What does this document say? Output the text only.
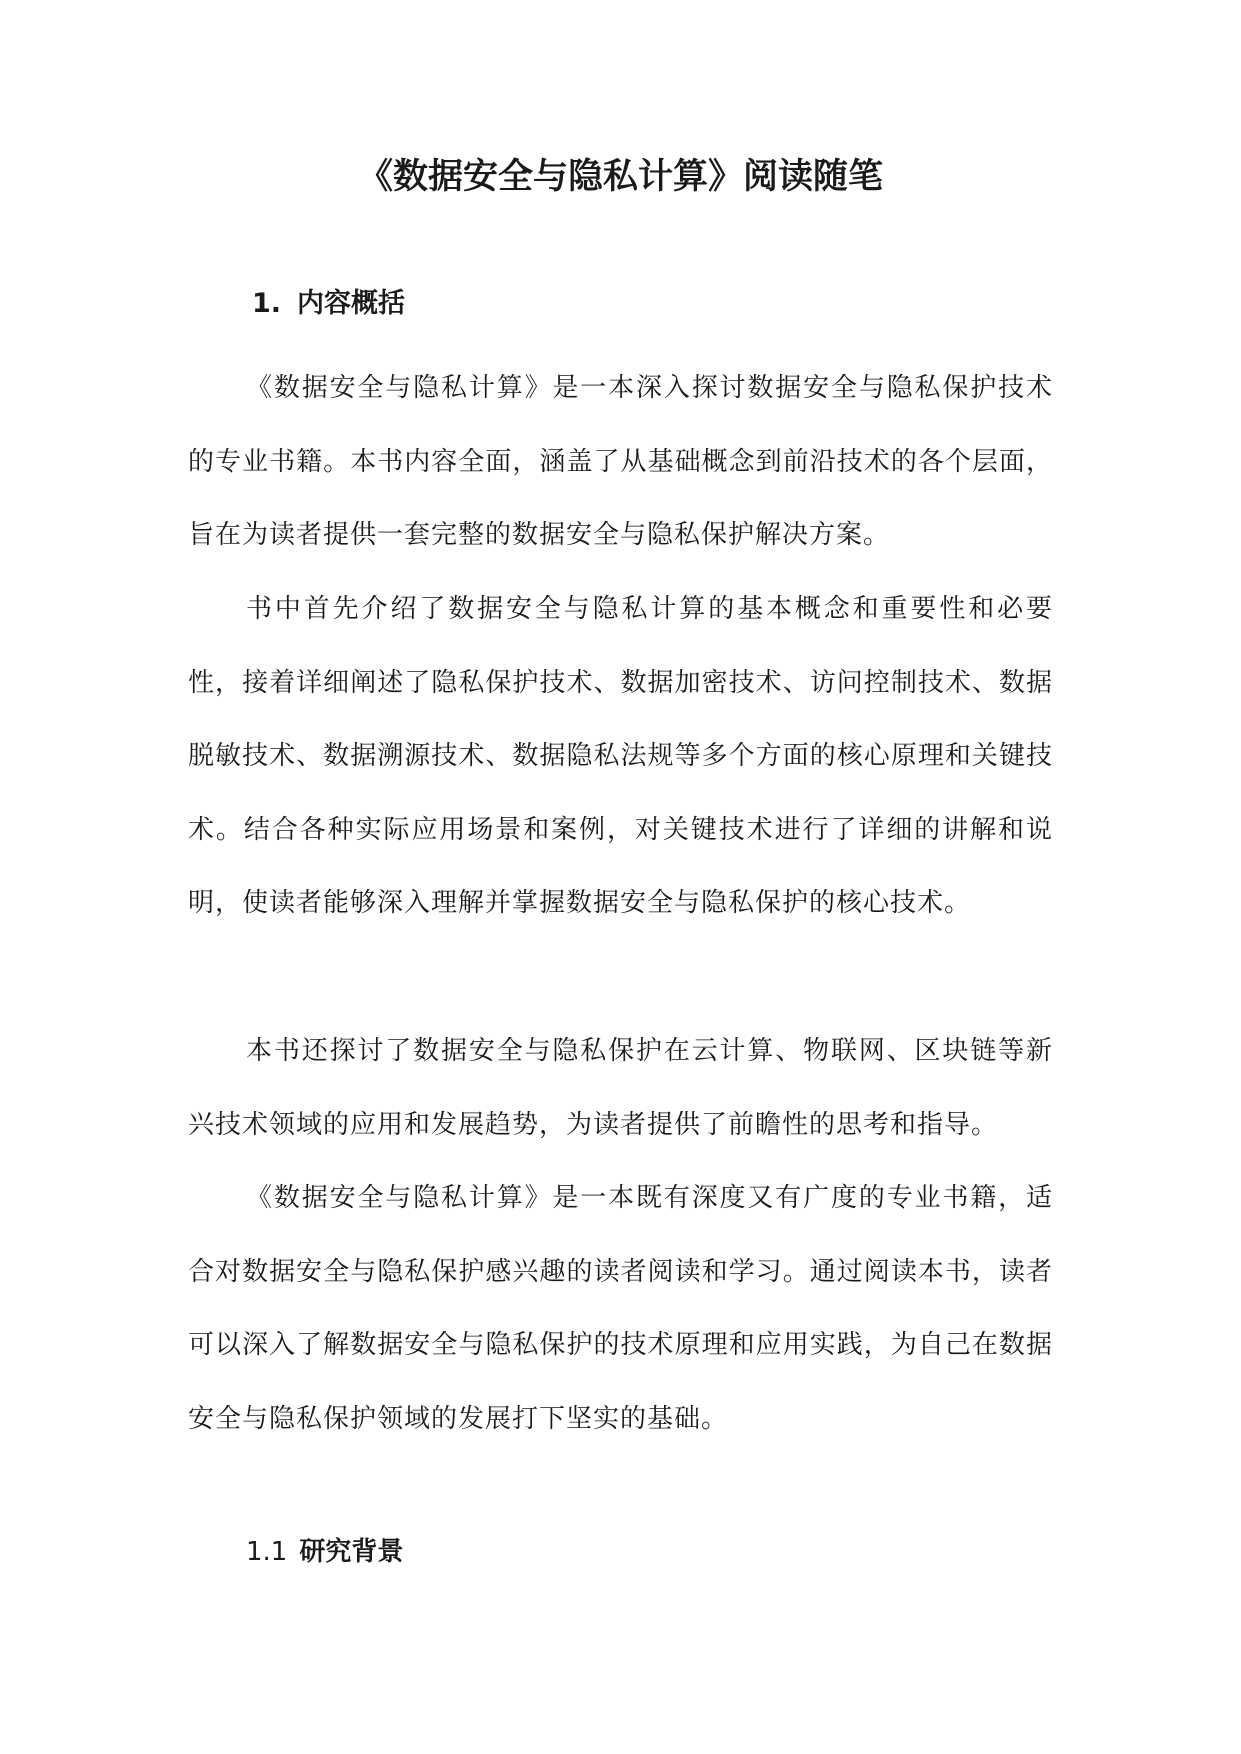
《数据安全与隐私计算》阅读随笔
1. 内容概括

《数据安全与隐私计算》是一本深入探讨数据安全与隐私保护技术的专业书籍。本书内容全面，涵盖了从基础概念到前沿技术的各个层面，旨在为读者提供一套完整的数据安全与隐私保护解决方案。

书中首先介绍了数据安全与隐私计算的基本概念和重要性和必要性，接着详细阐述了隐私保护技术、数据加密技术、访问控制技术、数据脱敏技术、数据溯源技术、数据隐私法规等多个方面的核心原理和关键技术。结合各种实际应用场景和案例，对关键技术进行了详细的讲解和说明，使读者能够深入理解并掌握数据安全与隐私保护的核心技术。

本书还探讨了数据安全与隐私保护在云计算、物联网、区块链等新兴技术领域的应用和发展趋势，为读者提供了前瞻性的思考和指导。

《数据安全与隐私计算》是一本既有深度又有广度的专业书籍，适合对数据安全与隐私保护感兴趣的读者阅读和学习。通过阅读本书，读者可以深入了解数据安全与隐私保护的技术原理和应用实践，为自己在数据安全与隐私保护领域的发展打下坚实的基础。

1.1 研究背景
